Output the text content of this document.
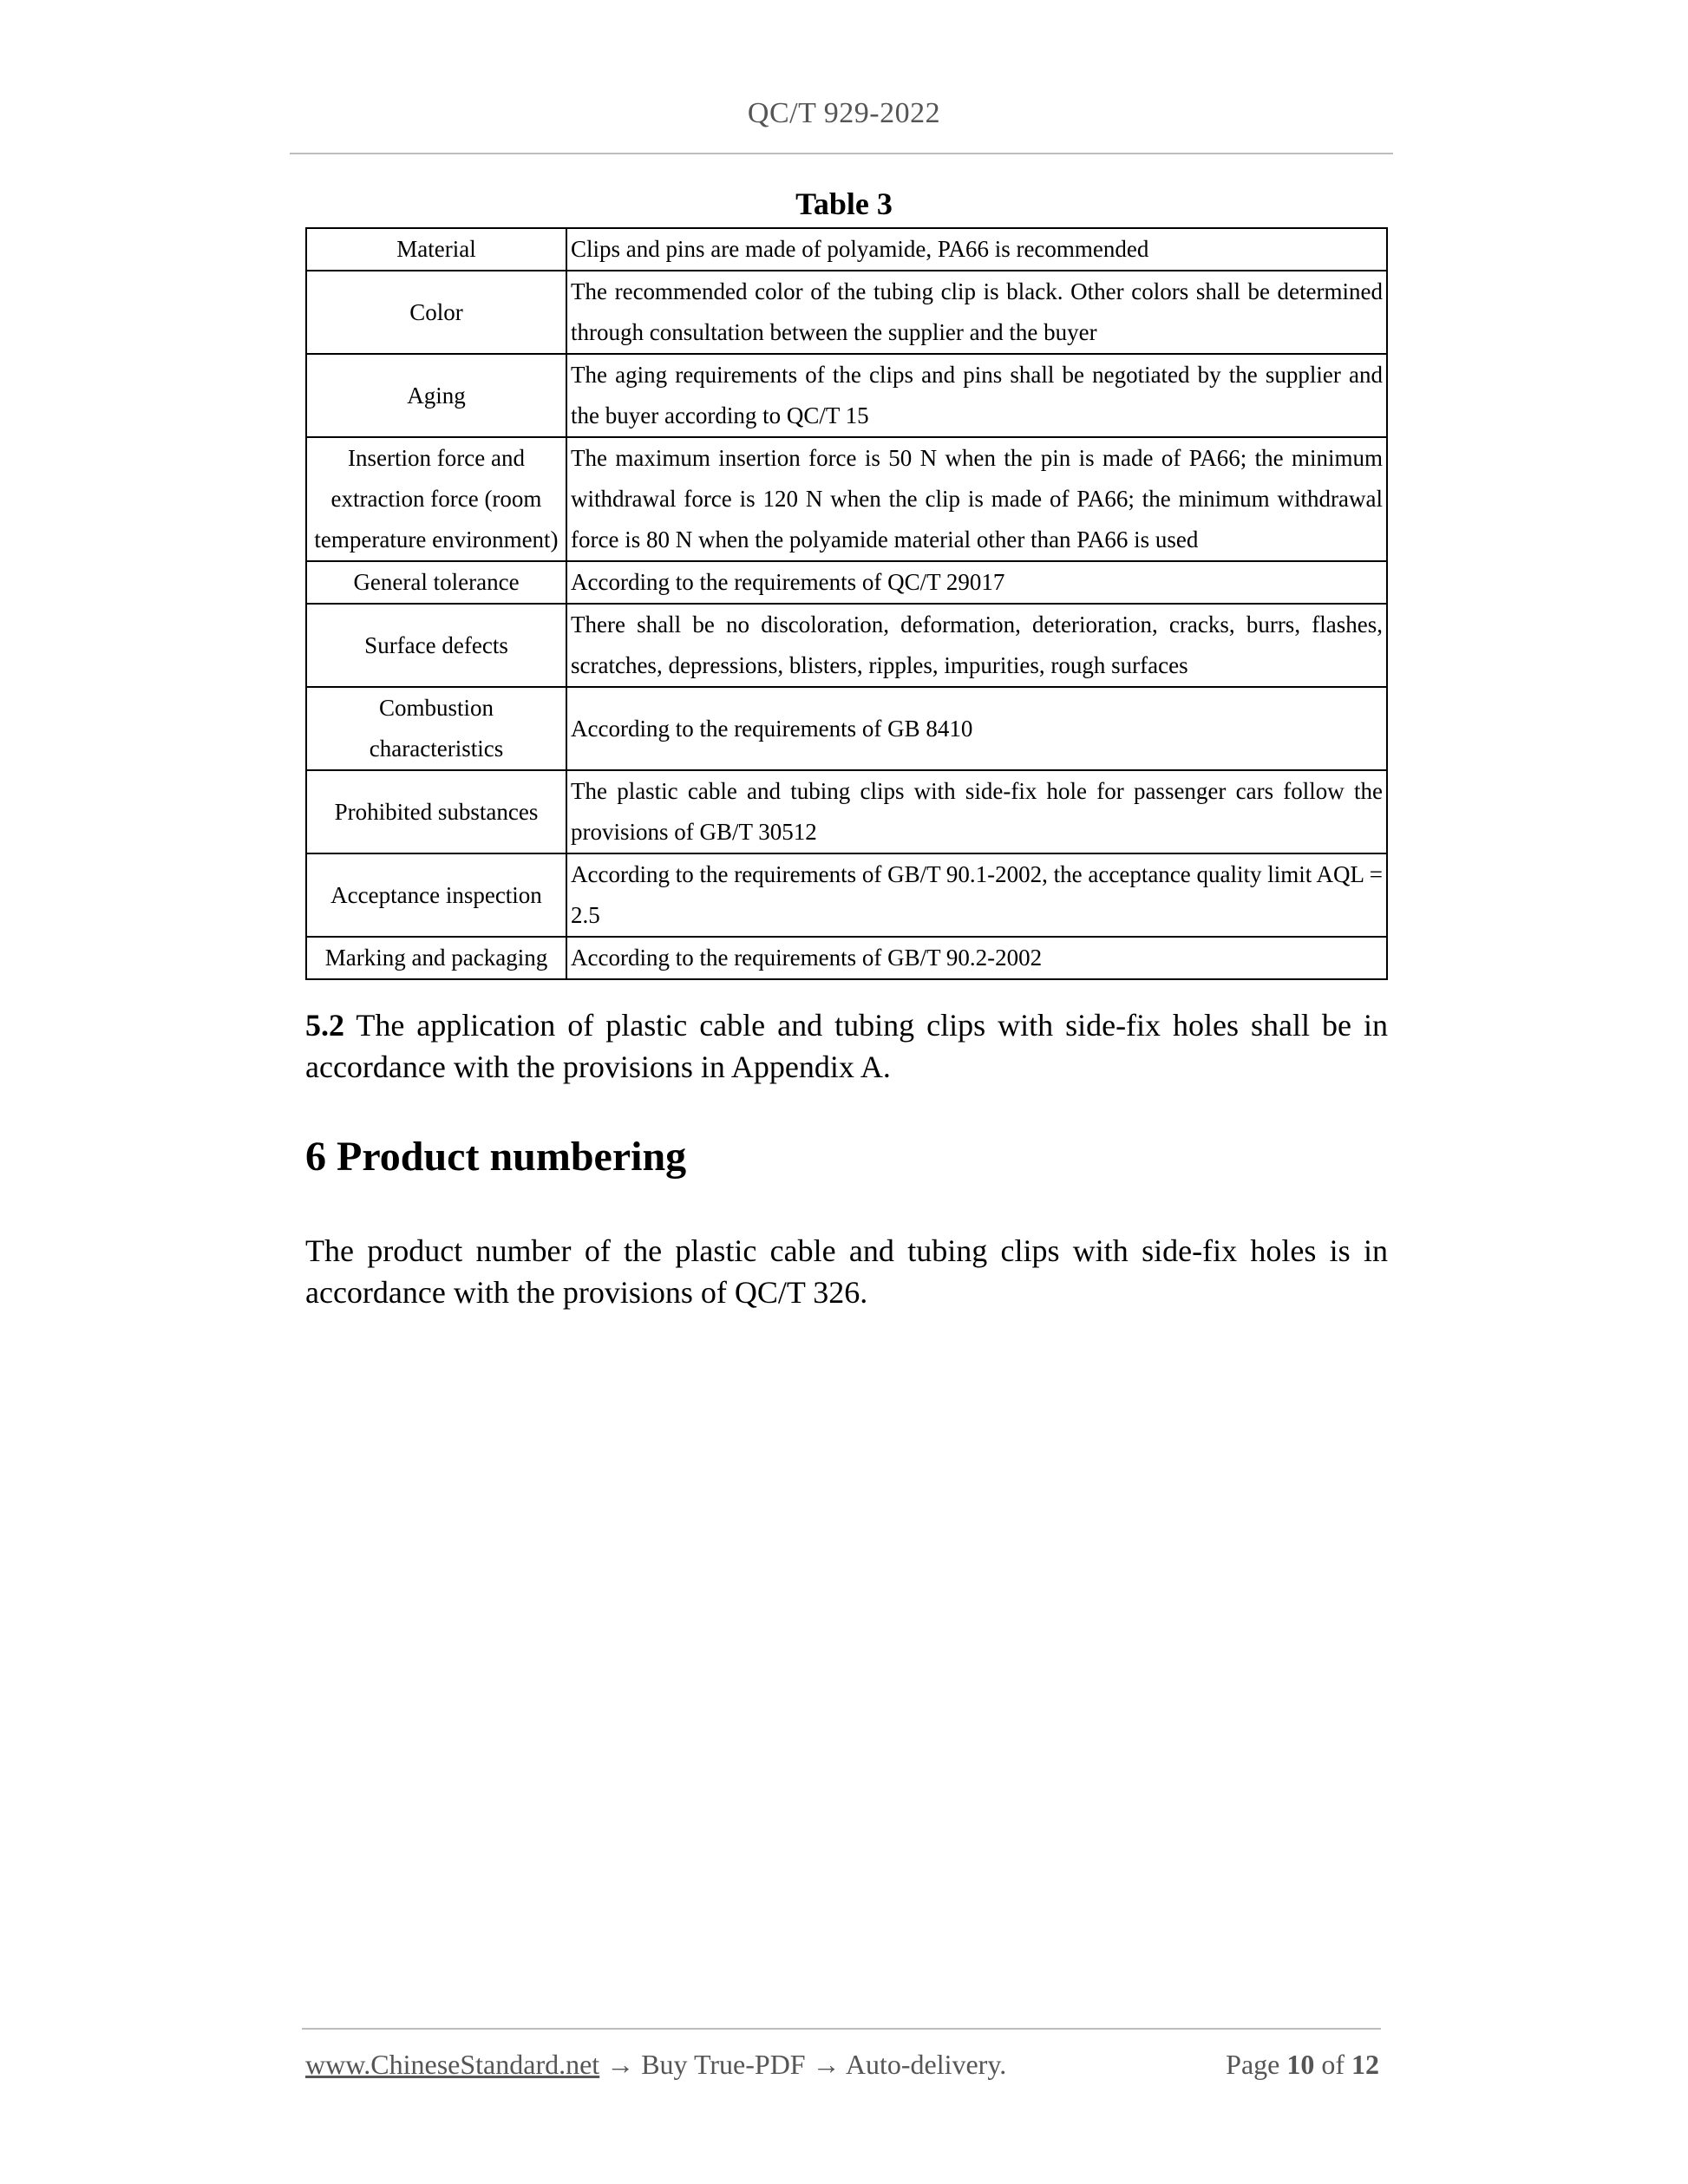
QC/T 929-2022
Table 3
Material	Clips and pins are made of polyamide, PA66 is recommended
Color	The recommended color of the tubing clip is black. Other colors shall be determined through consultation between the supplier and the buyer
Aging	The aging requirements of the clips and pins shall be negotiated by the supplier and the buyer according to QC/T 15
Insertion force and extraction force (room temperature environment)	The maximum insertion force is 50 N when the pin is made of PA66; the minimum withdrawal force is 120 N when the clip is made of PA66; the minimum withdrawal force is 80 N when the polyamide material other than PA66 is used
General tolerance	According to the requirements of QC/T 29017
Surface defects	There shall be no discoloration, deformation, deterioration, cracks, burrs, flashes, scratches, depressions, blisters, ripples, impurities, rough surfaces
Combustion characteristics	According to the requirements of GB 8410
Prohibited substances	The plastic cable and tubing clips with side-fix hole for passenger cars follow the provisions of GB/T 30512
Acceptance inspection	According to the requirements of GB/T 90.1-2002, the acceptance quality limit AQL = 2.5
Marking and packaging	According to the requirements of GB/T 90.2-2002

5.2 The application of plastic cable and tubing clips with side-fix holes shall be in accordance with the provisions in Appendix A.

6 Product numbering

The product number of the plastic cable and tubing clips with side-fix holes is in accordance with the provisions of QC/T 326.

www.ChineseStandard.net → Buy True-PDF → Auto-delivery.	Page 10 of 12
